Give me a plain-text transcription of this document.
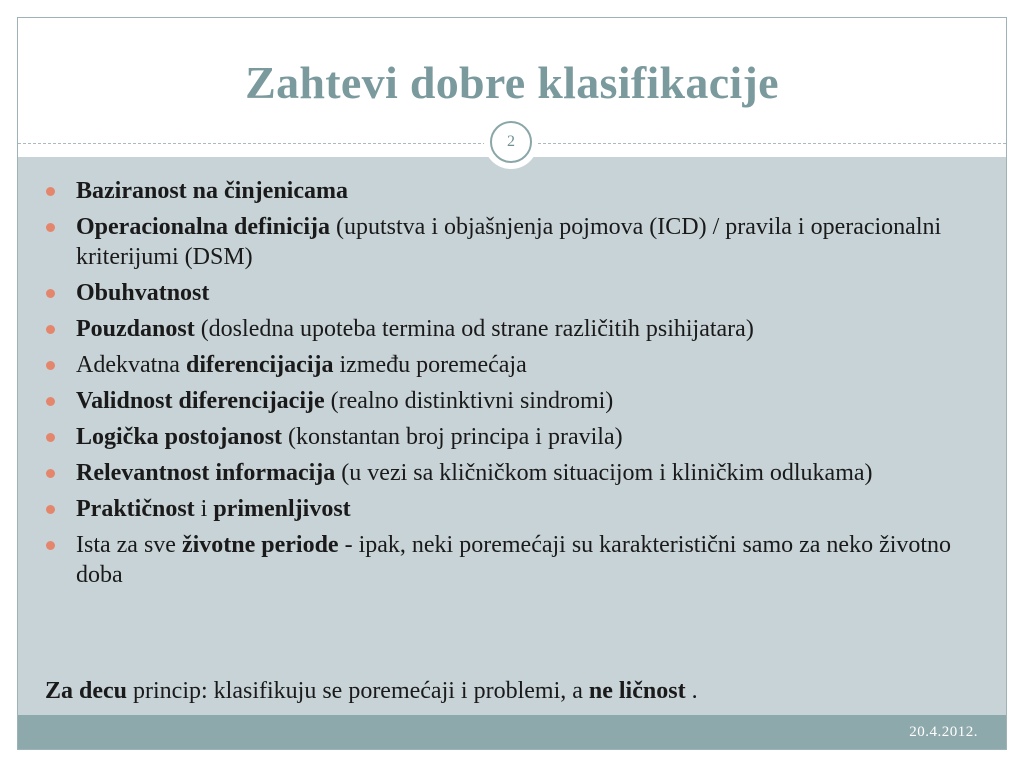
Zahtevi dobre klasifikacije
2
Baziranost na činjenicama
Operacionalna definicija (uputstva i objašnjenja pojmova (ICD) / pravila i operacionalni kriterijumi (DSM)
Obuhvatnost
Pouzdanost (dosledna upoteba termina od strane različitih psihijatara)
Adekvatna diferencijacija između poremećaja
Validnost diferencijacije (realno distinktivni sindromi)
Logička postojanost (konstantan broj principa i pravila)
Relevantnost informacija (u vezi sa kličničkom situacijom i kliničkim odlukama)
Praktičnost i primenljivost
Ista za sve životne periode - ipak, neki poremećaji su karakteristični samo za neko životno doba
Za decu princip: klasifikuju se poremećaji i problemi, a ne ličnost .
20.4.2012.
